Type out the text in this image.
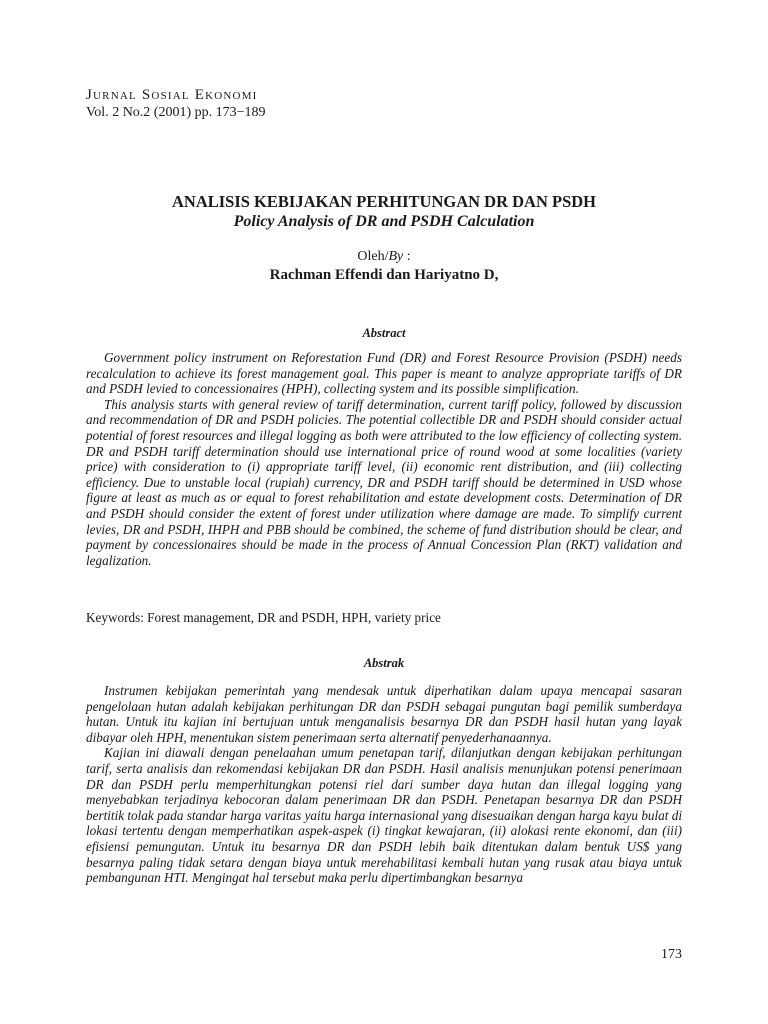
Jurnal Sosial Ekonomi
Vol. 2 No.2 (2001) pp. 173−189
ANALISIS KEBIJAKAN PERHITUNGAN DR DAN PSDH
Policy Analysis of DR and PSDH Calculation
Oleh/By :
Rachman Effendi dan Hariyatno D,
Abstract

Government policy instrument on Reforestation Fund (DR) and Forest Resource Provision (PSDH) needs recalculation to achieve its forest management goal. This paper is meant to analyze appropriate tariffs of DR and PSDH levied to concessionaires (HPH), collecting system and its possible simplification.

This analysis starts with general review of tariff determination, current tariff policy, followed by discussion and recommendation of DR and PSDH policies. The potential collectible DR and PSDH should consider actual potential of forest resources and illegal logging as both were attributed to the low efficiency of collecting system. DR and PSDH tariff determination should use international price of round wood at some localities (variety price) with consideration to (i) appropriate tariff level, (ii) economic rent distribution, and (iii) collecting efficiency. Due to unstable local (rupiah) currency, DR and PSDH tariff should be determined in USD whose figure at least as much as or equal to forest rehabilitation and estate development costs. Determination of DR and PSDH should consider the extent of forest under utilization where damage are made. To simplify current levies, DR and PSDH, IHPH and PBB should be combined, the scheme of fund distribution should be clear, and payment by concessionaires should be made in the process of Annual Concession Plan (RKT) validation and legalization.

Keywords: Forest management, DR and PSDH, HPH, variety price
Abstrak

Instrumen kebijakan pemerintah yang mendesak untuk diperhatikan dalam upaya mencapai sasaran pengelolaan hutan adalah kebijakan perhitungan DR dan PSDH sebagai pungutan bagi pemilik sumberdaya hutan. Untuk itu kajian ini bertujuan untuk menganalisis besarnya DR dan PSDH hasil hutan yang layak dibayar oleh HPH, menentukan sistem penerimaan serta alternatif penyederhanaannya.

Kajian ini diawali dengan penelaahan umum penetapan tarif, dilanjutkan dengan kebijakan perhitungan tarif, serta analisis dan rekomendasi kebijakan DR dan PSDH. Hasil analisis menunjukan potensi penerimaan DR dan PSDH perlu memperhitungkan potensi riel dari sumber daya hutan dan illegal logging yang menyebabkan terjadinya kebocoran dalam penerimaan DR dan PSDH. Penetapan besarnya DR dan PSDH bertitik tolak pada standar harga varitas yaitu harga internasional yang disesuaikan dengan harga kayu bulat di lokasi tertentu dengan memperhatikan aspek-aspek (i) tingkat kewajaran, (ii) alokasi rente ekonomi, dan (iii) efisiensi pemungutan. Untuk itu besarnya DR dan PSDH lebih baik ditentukan dalam bentuk US$ yang besarnya paling tidak setara dengan biaya untuk merehabilitasi kembali hutan yang rusak atau biaya untuk pembangunan HTI. Mengingat hal tersebut maka perlu dipertimbangkan besarnya

173
